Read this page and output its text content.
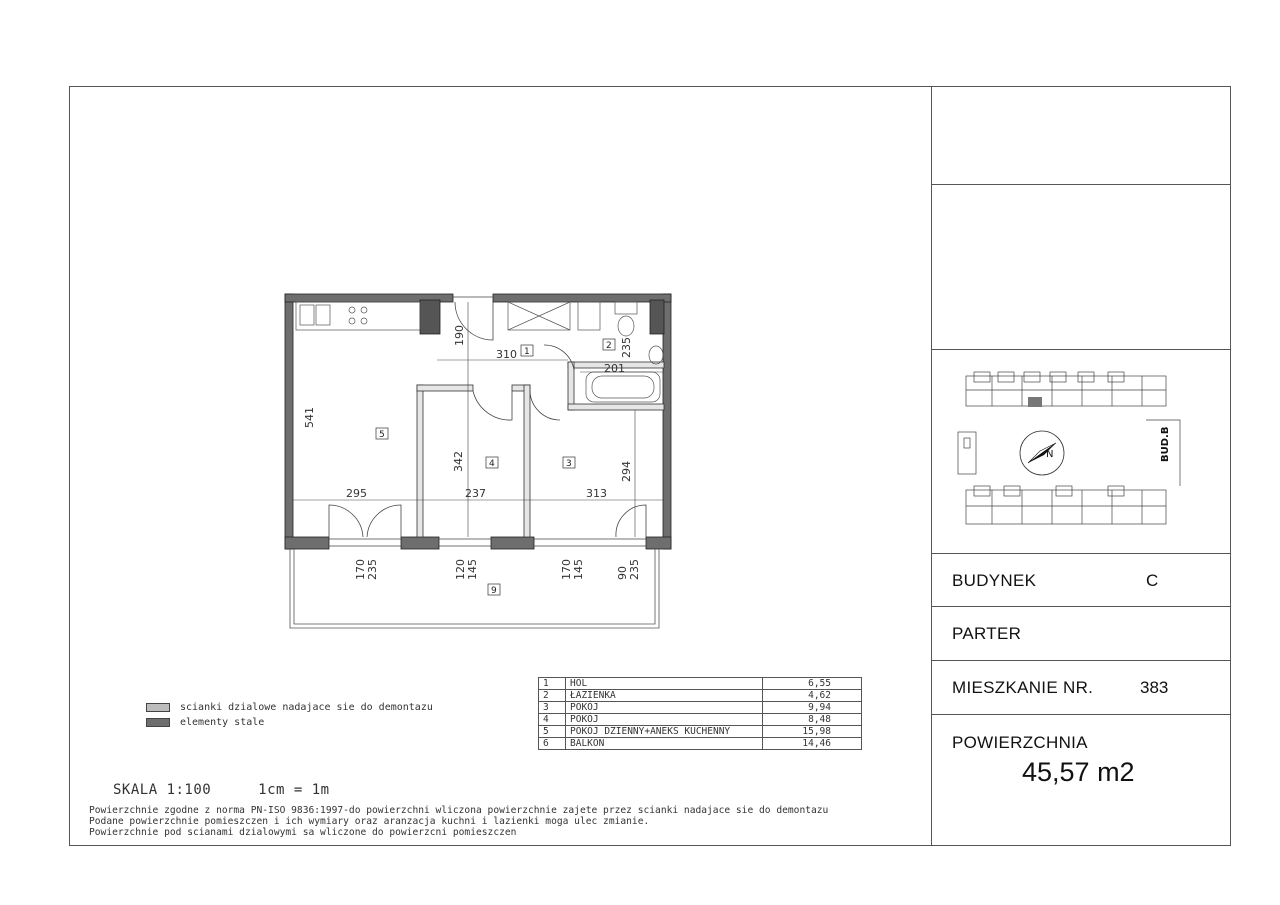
190
310	235
201
541
342	294
295	237	313
170 235	120 145	170 145	90 235
1
2
3
4
5
9
N	BUD.B
BUDYNEK	C
PARTER
MIESZKANIE NR.	383
POWIERZCHNIA
45,57 m2
scianki dzialowe nadajace sie do demontazu
elementy stale
SKALA 1:100	1cm = 1m
Powierzchnie zgodne z norma PN-ISO 9836:1997-do powierzchni wliczona powierzchnie zajete przez scianki nadajace sie do demontazu
Podane powierzchnie pomieszczen i ich wymiary oraz aranzacja kuchni i lazienki moga ulec zmianie.
Powierzchnie pod scianami dzialowymi sa wliczone do powierzcni pomieszczen
1	HOL	6,55
2	ŁAZIENKA	4,62
3	POKÓJ	9,94
4	POKÓJ	8,48
5	POKÓJ DZIENNY+ANEKS KUCHENNY	15,98
6	BALKON	14,46
